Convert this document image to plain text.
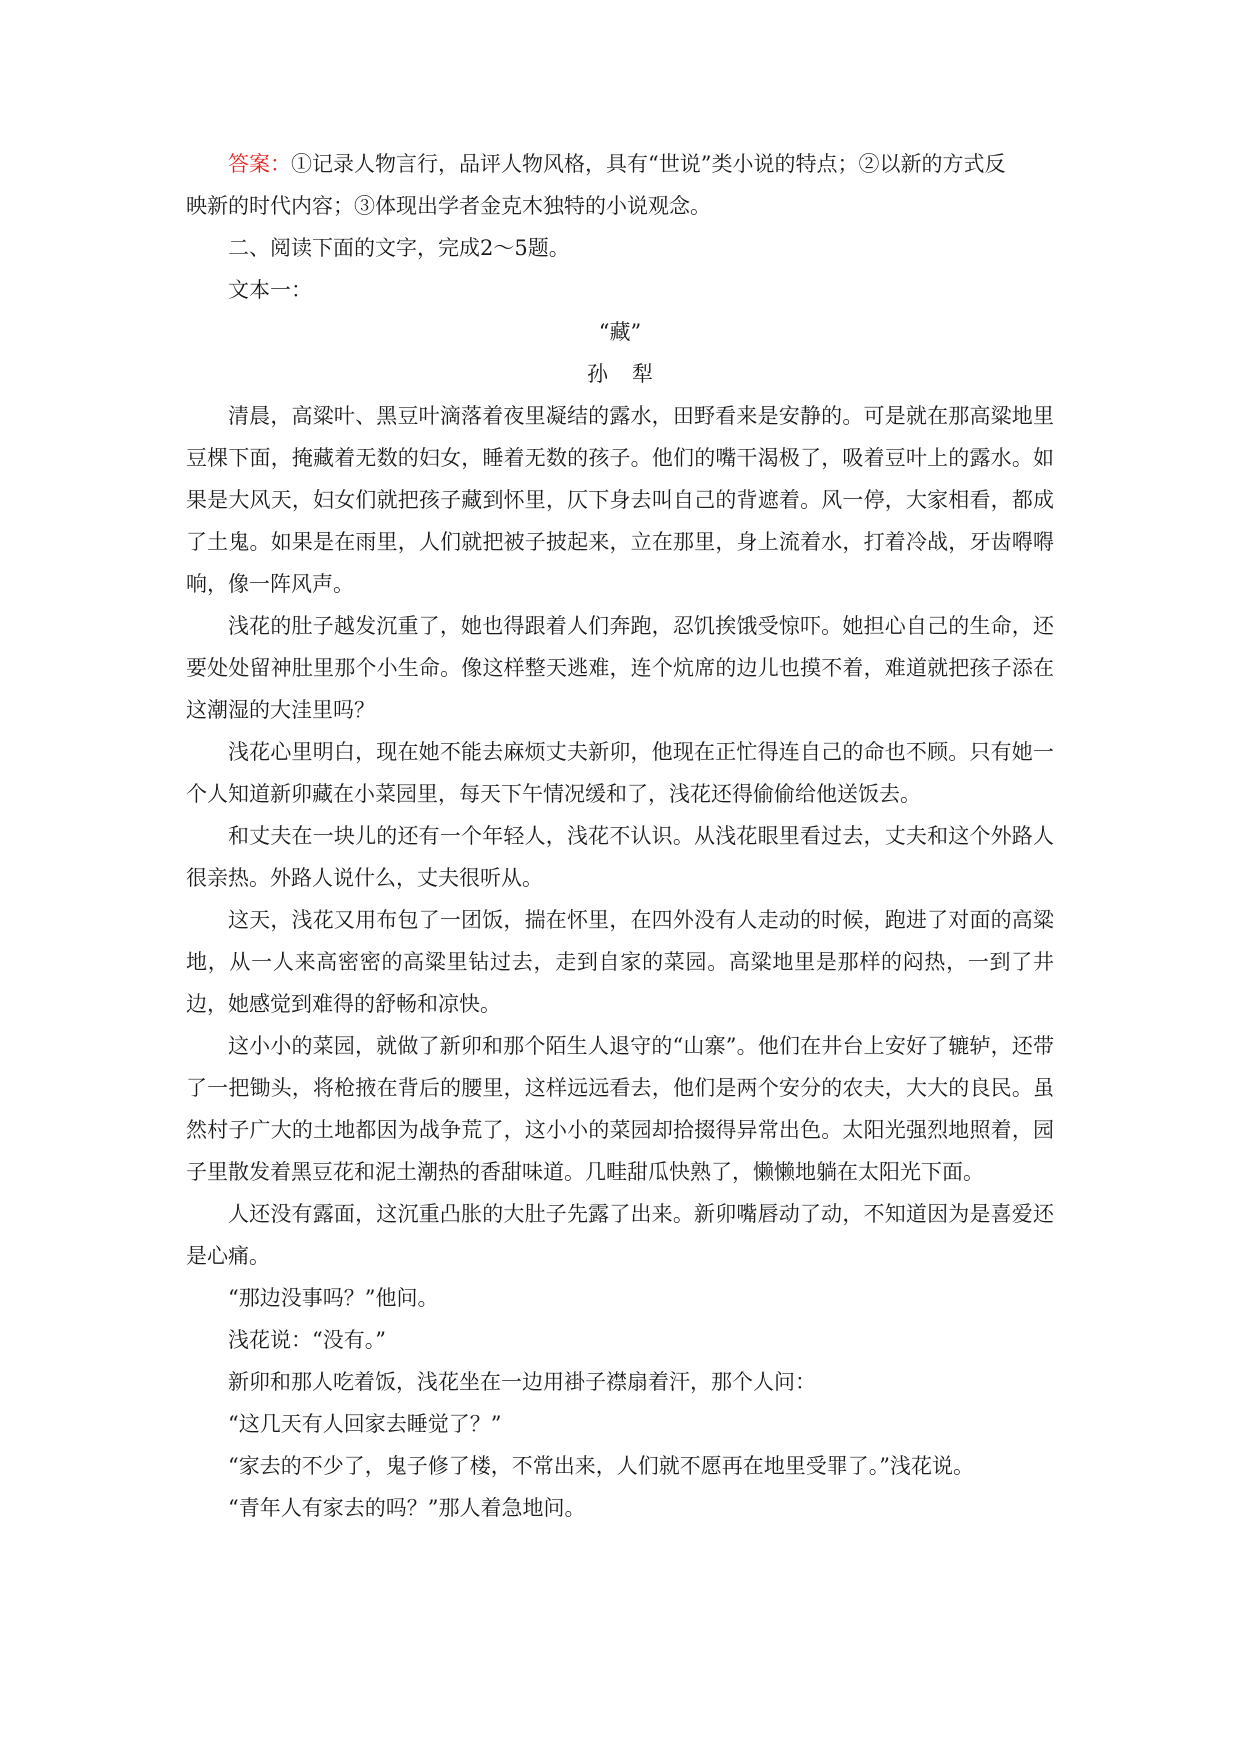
答案：①记录人物言行，品评人物风格，具有“世说”类小说的特点；②以新的方式反
映新的时代内容；③体现出学者金克木独特的小说观念。
二、阅读下面的文字，完成2～5题。
文本一：
“藏”
孙犁

清晨，高粱叶、黑豆叶滴落着夜里凝结的露水，田野看来是安静的。可是就在那高粱地里豆棵下面，掩藏着无数的妇女，睡着无数的孩子。他们的嘴干渴极了，吸着豆叶上的露水。如果是大风天，妇女们就把孩子藏到怀里，仄下身去叫自己的背遮着。风一停，大家相看，都成了土鬼。如果是在雨里，人们就把被子披起来，立在那里，身上流着水，打着冷战，牙齿嘚嘚响，像一阵风声。

浅花的肚子越发沉重了，她也得跟着人们奔跑，忍饥挨饿受惊吓。她担心自己的生命，还要处处留神肚里那个小生命。像这样整天逃难，连个炕席的边儿也摸不着，难道就把孩子添在这潮湿的大洼里吗？

浅花心里明白，现在她不能去麻烦丈夫新卯，他现在正忙得连自己的命也不顾。只有她一个人知道新卯藏在小菜园里，每天下午情况缓和了，浅花还得偷偷给他送饭去。

和丈夫在一块儿的还有一个年轻人，浅花不认识。从浅花眼里看过去，丈夫和这个外路人很亲热。外路人说什么，丈夫很听从。

这天，浅花又用布包了一团饭，揣在怀里，在四外没有人走动的时候，跑进了对面的高粱地，从一人来高密密的高粱里钻过去，走到自家的菜园。高粱地里是那样的闷热，一到了井边，她感觉到难得的舒畅和凉快。

这小小的菜园，就做了新卯和那个陌生人退守的“山寨”。他们在井台上安好了辘轳，还带了一把锄头，将枪掖在背后的腰里，这样远远看去，他们是两个安分的农夫，大大的良民。虽然村子广大的土地都因为战争荒了，这小小的菜园却拾掇得异常出色。太阳光强烈地照着，园子里散发着黑豆花和泥土潮热的香甜味道。几畦甜瓜快熟了，懒懒地躺在太阳光下面。

人还没有露面，这沉重凸胀的大肚子先露了出来。新卯嘴唇动了动，不知道因为是喜爱还是心痛。

“那边没事吗？”他问。

浅花说：“没有。”

新卯和那人吃着饭，浅花坐在一边用褂子襟扇着汗，那个人问：

“这几天有人回家去睡觉了？”

“家去的不少了，鬼子修了楼，不常出来，人们就不愿再在地里受罪了。”浅花说。

“青年人有家去的吗？”那人着急地问。
